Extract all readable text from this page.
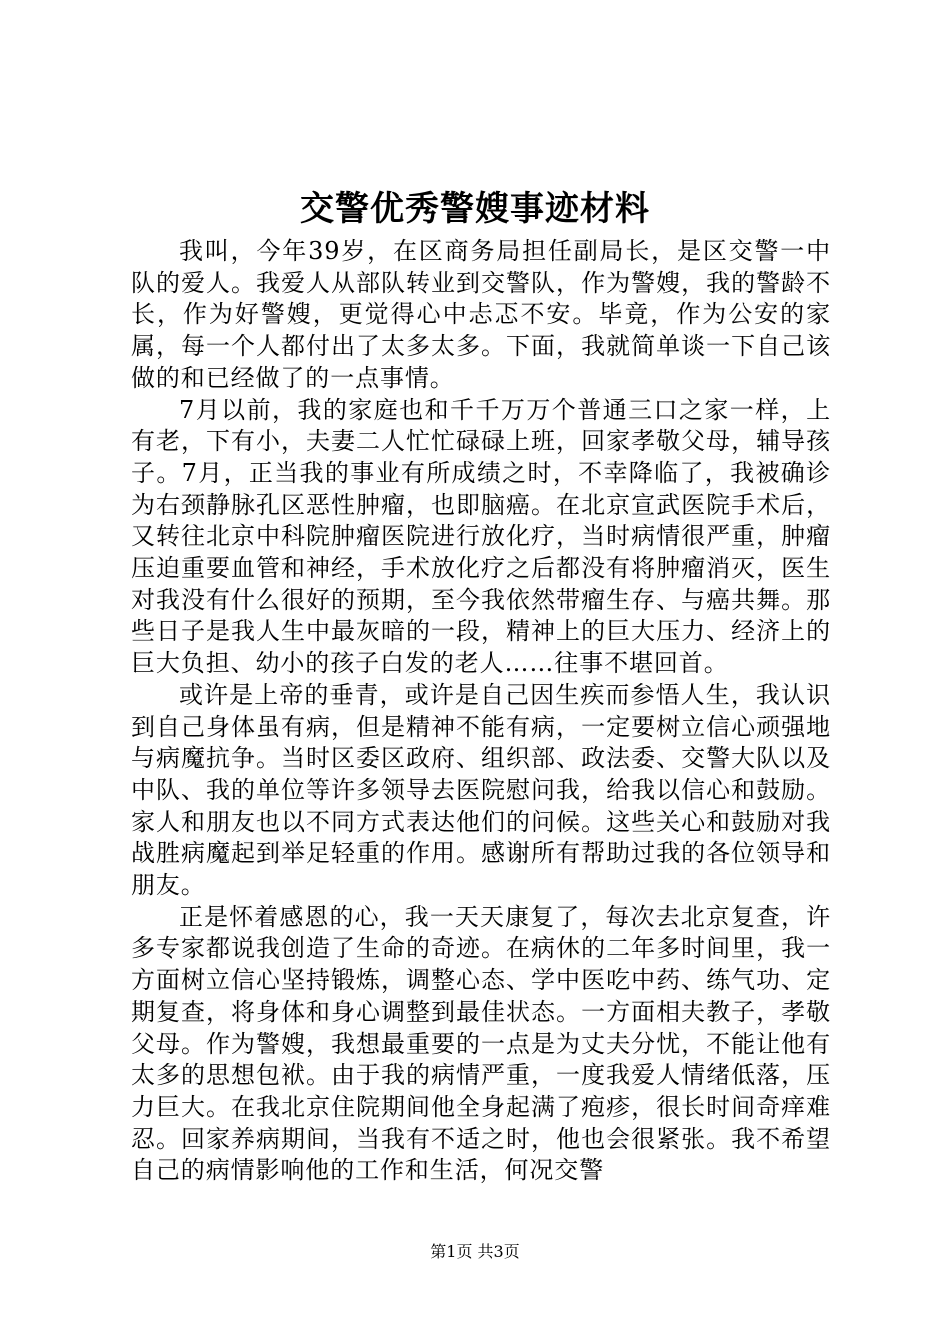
交警优秀警嫂事迹材料

我叫，今年39岁，在区商务局担任副局长，是区交警一中队的爱人。我爱人从部队转业到交警队，作为警嫂，我的警龄不长，作为好警嫂，更觉得心中忐忑不安。毕竟，作为公安的家属，每一个人都付出了太多太多。下面，我就简单谈一下自己该做的和已经做了的一点事情。

7月以前，我的家庭也和千千万万个普通三口之家一样，上有老，下有小，夫妻二人忙忙碌碌上班，回家孝敬父母，辅导孩子。7月，正当我的事业有所成绩之时，不幸降临了，我被确诊为右颈静脉孔区恶性肿瘤，也即脑癌。在北京宣武医院手术后，又转往北京中科院肿瘤医院进行放化疗，当时病情很严重，肿瘤压迫重要血管和神经，手术放化疗之后都没有将肿瘤消灭，医生对我没有什么很好的预期，至今我依然带瘤生存、与癌共舞。那些日子是我人生中最灰暗的一段，精神上的巨大压力、经济上的巨大负担、幼小的孩子白发的老人……往事不堪回首。

或许是上帝的垂青，或许是自己因生疾而参悟人生，我认识到自己身体虽有病，但是精神不能有病，一定要树立信心顽强地与病魔抗争。当时区委区政府、组织部、政法委、交警大队以及中队、我的单位等许多领导去医院慰问我，给我以信心和鼓励。家人和朋友也以不同方式表达他们的问候。这些关心和鼓励对我战胜病魔起到举足轻重的作用。感谢所有帮助过我的各位领导和朋友。

正是怀着感恩的心，我一天天康复了，每次去北京复查，许多专家都说我创造了生命的奇迹。在病休的二年多时间里，我一方面树立信心坚持锻炼，调整心态、学中医吃中药、练气功、定期复查，将身体和身心调整到最佳状态。一方面相夫教子，孝敬父母。作为警嫂，我想最重要的一点是为丈夫分忧，不能让他有太多的思想包袱。由于我的病情严重，一度我爱人情绪低落，压力巨大。在我北京住院期间他全身起满了疱疹，很长时间奇痒难忍。回家养病期间，当我有不适之时，他也会很紧张。我不希望自己的病情影响他的工作和生活，何况交警

第1页 共3页
